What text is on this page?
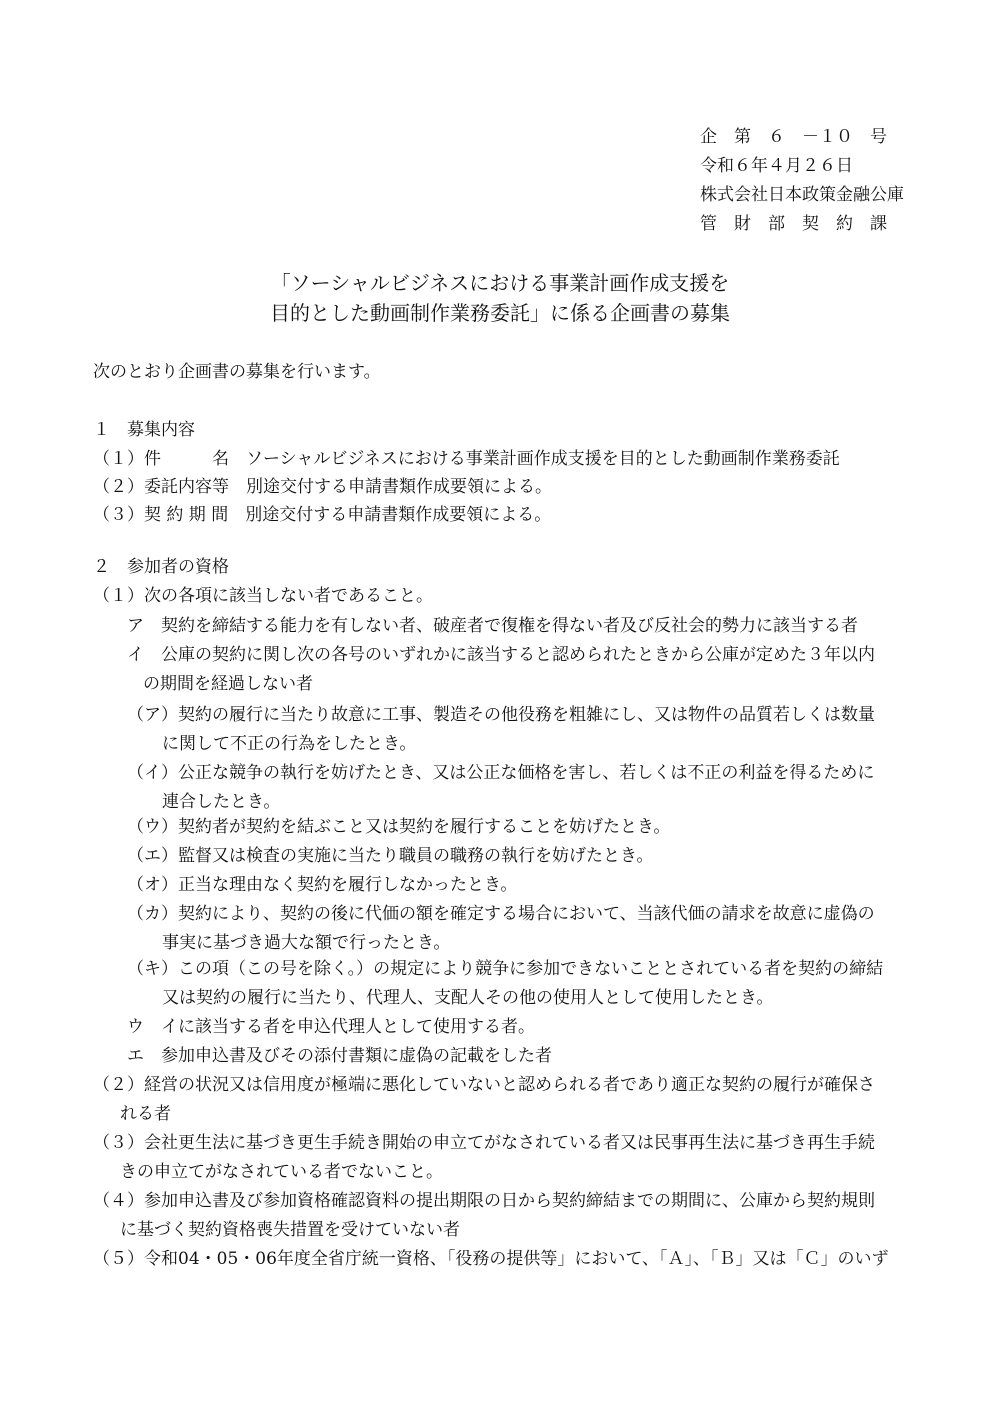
企　第　６　－１０　号
令和６年４月２６日
株式会社日本政策金融公庫
管　財　部　契　約　課
「ソーシャルビジネスにおける事業計画作成支援を
目的とした動画制作業務委託」に係る企画書の募集
次のとおり企画書の募集を行います。
１　募集内容
（１）件　　　名　ソーシャルビジネスにおける事業計画作成支援を目的とした動画制作業務委託
（２）委託内容等　別途交付する申請書類作成要領による。
（３）契 約 期 間　別途交付する申請書類作成要領による。
２　参加者の資格
（１）次の各項に該当しない者であること。
ア　契約を締結する能力を有しない者、破産者で復権を得ない者及び反社会的勢力に該当する者
イ　公庫の契約に関し次の各号のいずれかに該当すると認められたときから公庫が定めた３年以内
の期間を経過しない者
（ア）契約の履行に当たり故意に工事、製造その他役務を粗雑にし、又は物件の品質若しくは数量
に関して不正の行為をしたとき。
（イ）公正な競争の執行を妨げたとき、又は公正な価格を害し、若しくは不正の利益を得るために
連合したとき。
（ウ）契約者が契約を結ぶこと又は契約を履行することを妨げたとき。
（エ）監督又は検査の実施に当たり職員の職務の執行を妨げたとき。
（オ）正当な理由なく契約を履行しなかったとき。
（カ）契約により、契約の後に代価の額を確定する場合において、当該代価の請求を故意に虚偽の
事実に基づき過大な額で行ったとき。
（キ）この項（この号を除く。）の規定により競争に参加できないこととされている者を契約の締結
又は契約の履行に当たり、代理人、支配人その他の使用人として使用したとき。
ウ　イに該当する者を申込代理人として使用する者。
エ　参加申込書及びその添付書類に虚偽の記載をした者
（２）経営の状況又は信用度が極端に悪化していないと認められる者であり適正な契約の履行が確保さ
れる者
（３）会社更生法に基づき更生手続き開始の申立てがなされている者又は民事再生法に基づき再生手続
きの申立てがなされている者でないこと。
（４）参加申込書及び参加資格確認資料の提出期限の日から契約締結までの期間に、公庫から契約規則
に基づく契約資格喪失措置を受けていない者
（５）令和04・05・06年度全省庁統一資格、「役務の提供等」において、「Ａ」、「Ｂ」又は「Ｃ」のいず
